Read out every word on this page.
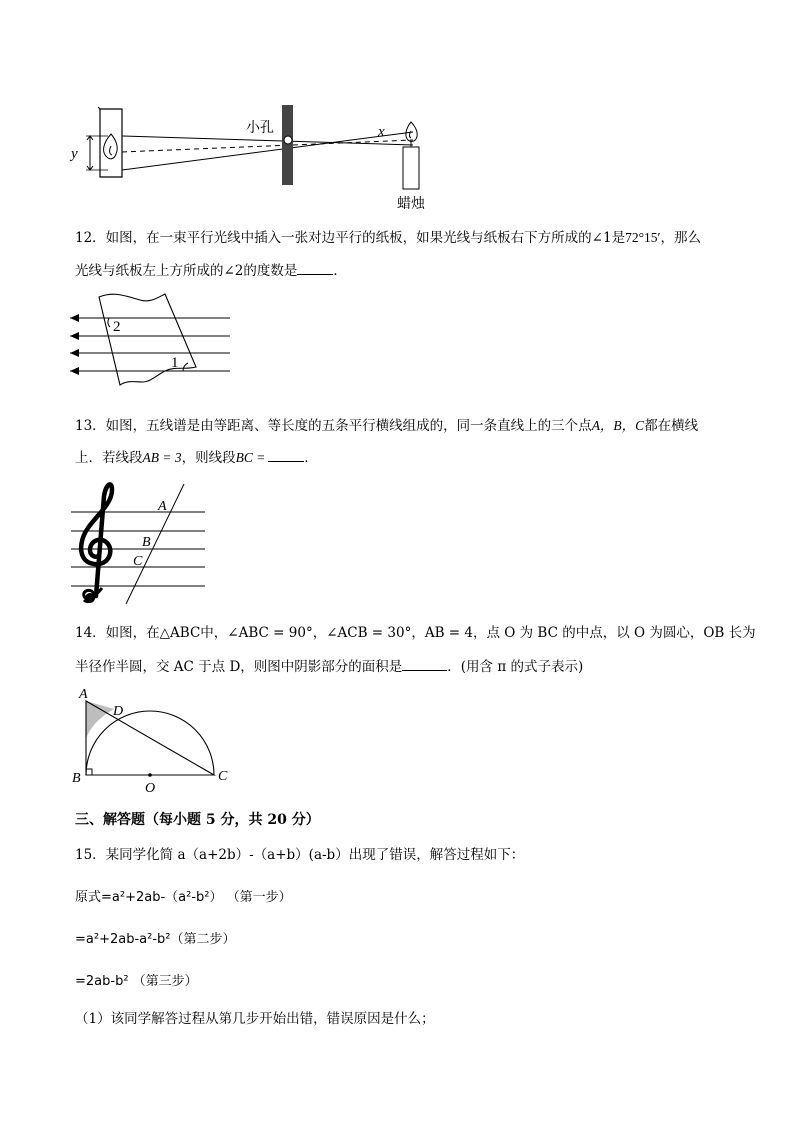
y
小孔	x
蜡烛
12．如图，在一束平行光线中插入一张对边平行的纸板，如果光线与纸板右下方所成的∠1是72°15′，那么
光线与纸板左上方所成的∠2的度数是	．
2
1
13．如图，五线谱是由等距离、等长度的五条平行横线组成的，同一条直线上的三个点A，B，C都在横线
上．若线段AB = 3，则线段BC =	．
A
B
C
14．如图，在△ABC中，∠ABC = 90°，∠ACB = 30°，AB = 4，点 O 为 BC 的中点，以 O 为圆心，OB 长为
半径作半圆，交 AC 于点 D，则图中阴影部分的面积是	．(用含 π 的式子表示)
A
B	C
D
O
三、解答题（每小题 5 分，共 20 分）
15．某同学化简 a（a+2b）-（a+b）(a-b）出现了错误，解答过程如下：
原式=a²+2ab-（a²-b²） （第一步）
=a²+2ab-a²-b²（第二步）
=2ab-b² （第三步）
（1）该同学解答过程从第几步开始出错，错误原因是什么；
